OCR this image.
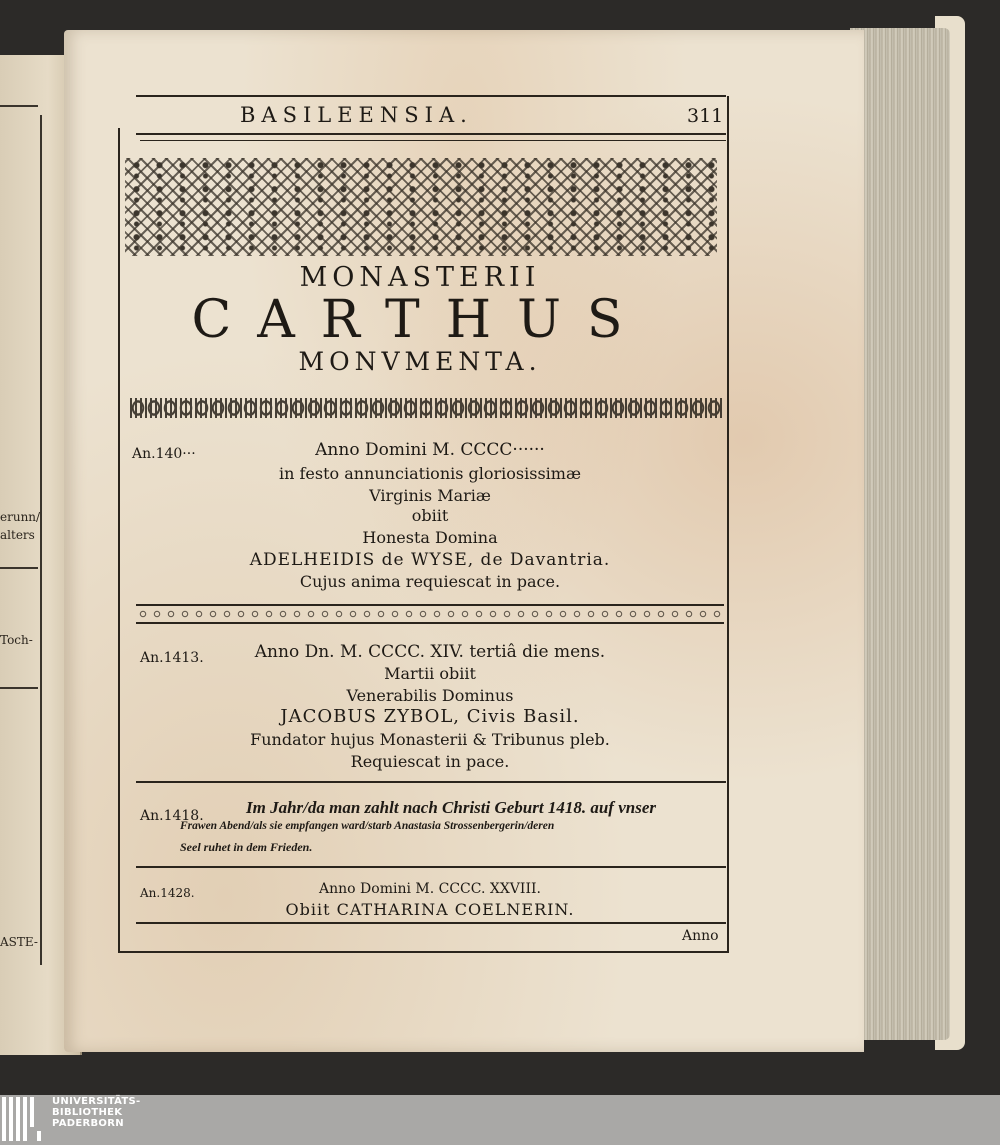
erunn/
alters
Toch-
ASTE-
BASILEENSIA.	311
MONASTERII
CARTHUS
MONVMENTA.
An.140···	Anno Domini M. CCCC······
in festo annunciationis gloriosissimæ
Virginis Mariæ
obiit
Honesta Domina
ADELHEIDIS de WYSE, de Davantria.
Cujus anima requiescat in pace.
An.1413.	Anno Dn. M. CCCC. XIV. tertiâ die mens.
Martii obiit
Venerabilis Dominus
JACOBUS ZYBOL, Civis Basil.
Fundator hujus Monasterii & Tribunus pleb.
Requiescat in pace.
An.1418. Im Jahr/da man zahlt nach Christi Geburt 1418. auf vnser
Frawen Abend/als sie empfangen ward/starb Anastasia Strossenbergerin/deren
Seel ruhet in dem Frieden.
An.1428.	Anno Domini M. CCCC. XXVIII.
Obiit CATHARINA COELNERIN.
Anno
UNIVERSITÄTS-
BIBLIOTHEK
PADERBORN
